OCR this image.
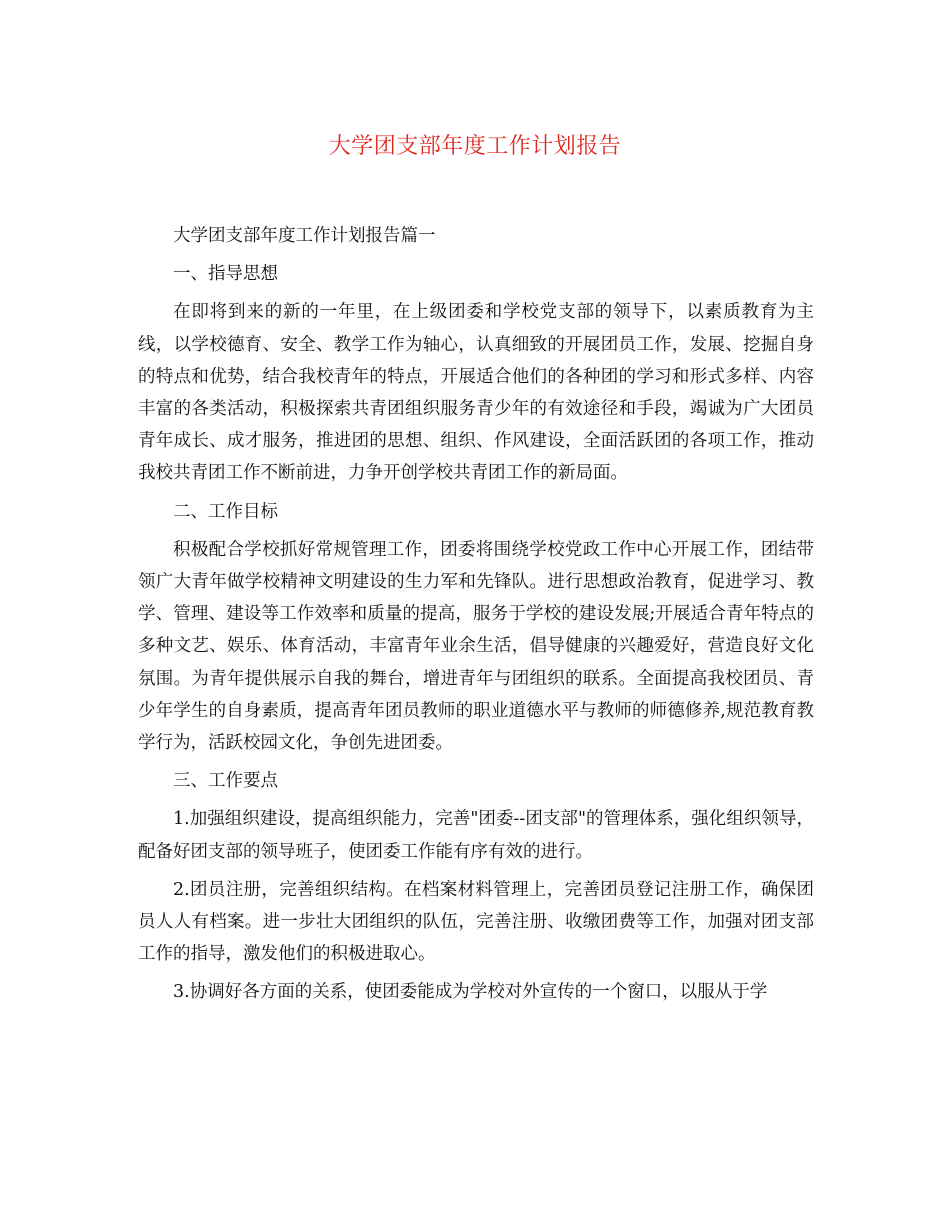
大学团支部年度工作计划报告

大学团支部年度工作计划报告篇一

一、指导思想

在即将到来的新的一年里，在上级团委和学校党支部的领导下，以素质教育为主线，以学校德育、安全、教学工作为轴心，认真细致的开展团员工作，发展、挖掘自身的特点和优势，结合我校青年的特点，开展适合他们的各种团的学习和形式多样、内容丰富的各类活动，积极探索共青团组织服务青少年的有效途径和手段，竭诚为广大团员青年成长、成才服务，推进团的思想、组织、作风建设，全面活跃团的各项工作，推动我校共青团工作不断前进，力争开创学校共青团工作的新局面。

二、工作目标

积极配合学校抓好常规管理工作，团委将围绕学校党政工作中心开展工作，团结带领广大青年做学校精神文明建设的生力军和先锋队。进行思想政治教育，促进学习、教学、管理、建设等工作效率和质量的提高，服务于学校的建设发展;开展适合青年特点的多种文艺、娱乐、体育活动，丰富青年业余生活，倡导健康的兴趣爱好，营造良好文化氛围。为青年提供展示自我的舞台，增进青年与团组织的联系。全面提高我校团员、青少年学生的自身素质，提高青年团员教师的职业道德水平与教师的师德修养,规范教育教学行为，活跃校园文化，争创先进团委。

三、工作要点

1.加强组织建设，提高组织能力，完善"团委--团支部"的管理体系，强化组织领导，配备好团支部的领导班子，使团委工作能有序有效的进行。

2.团员注册，完善组织结构。在档案材料管理上，完善团员登记注册工作，确保团员人人有档案。进一步壮大团组织的队伍，完善注册、收缴团费等工作，加强对团支部工作的指导，激发他们的积极进取心。

3.协调好各方面的关系，使团委能成为学校对外宣传的一个窗口，以服从于学
